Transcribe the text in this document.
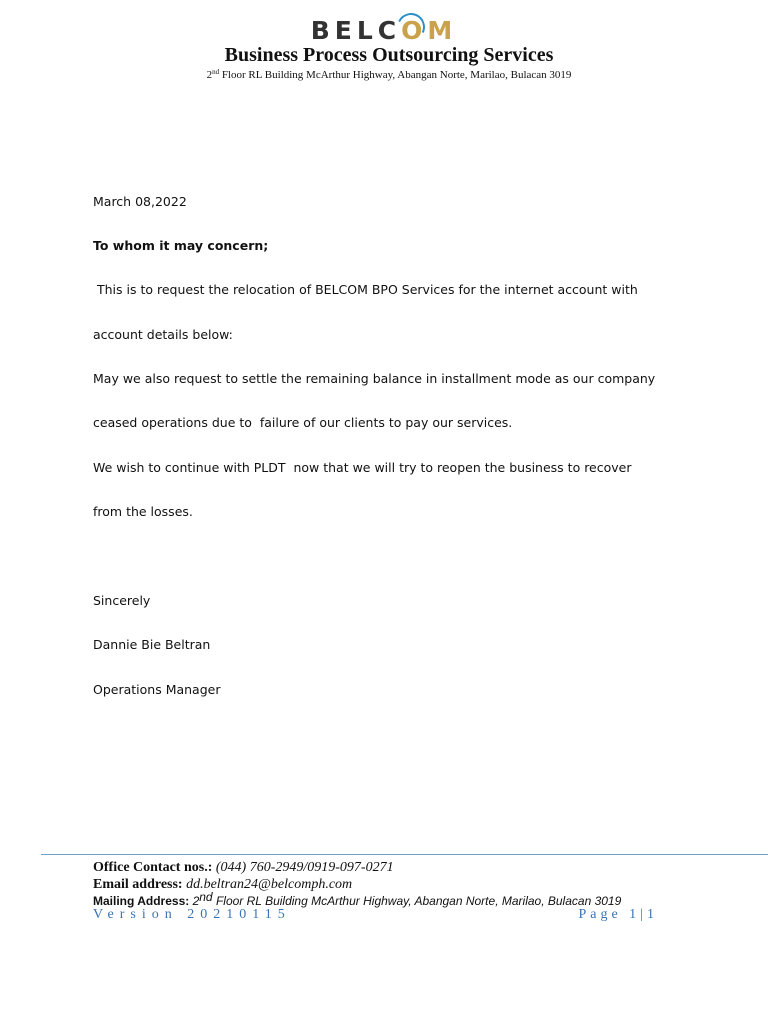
BELCO
M
Business Process Outsourcing Services
2nd Floor RL Building McArthur Highway, Abangan Norte, Marilao, Bulacan 3019
March 08,2022
To whom it may concern;
This is to request the relocation of BELCOM BPO Services for the internet account with
account details below:
May we also request to settle the remaining balance in installment mode as our company
ceased operations due to  failure of our clients to pay our services.
We wish to continue with PLDT  now that we will try to reopen the business to recover
from the losses.
Sincerely
Dannie Bie Beltran
Operations Manager
Office Contact nos.: (044) 760-2949/0919-097-0271
Email address: dd.beltran24@belcomph.com
Mailing Address: 2nd Floor RL Building McArthur Highway, Abangan Norte, Marilao, Bulacan 3019
Version 20210115	Page 1|1
